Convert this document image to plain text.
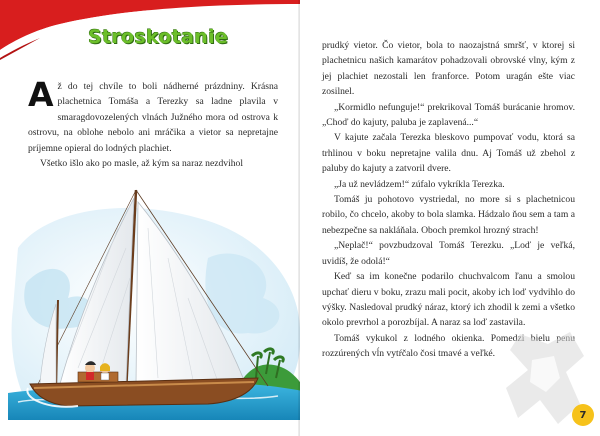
Stroskotanie

Až do tej chvíle to boli nádherné prázdniny. Krásna plachetnica Tomáša a Terezky sa ladne plavila v smaragdovozelených vlnách Južného mora od ostrova k ostrovu, na oblohe nebolo ani mráčika a vietor sa nepretajne príjemne opieral do lodných plachiet.

Všetko išlo ako po masle, až kým sa naraz nezdvihol

prudký vietor. Čo vietor, bola to naozajstná smršť, v ktorej si plachetnicu našich kamarátov pohadzovali obrovské vlny, kým z jej plachiet nezostali len franforce. Potom uragán ešte viac zosilnel.

„Kormidlo nefunguje!“ prekrikoval Tomáš burácanie hromov. „Choď do kajuty, paluba je zaplavená...“

V kajute začala Terezka bleskovo pumpovať vodu, ktorá sa trhlinou v boku nepretajne valila dnu. Aj Tomáš už zbehol z paluby do kajuty a zatvoril dvere.

„Ja už nevládzem!“ zúfalo vykríkla Terezka.

Tomáš ju pohotovo vystriedal, no more si s plachetnicou robilo, čo chcelo, akoby to bola slamka. Hádzalo ňou sem a tam a nebezpečne sa nakláňala. Oboch premkol hrozný strach!

„Neplač!“ povzbudzoval Tomáš Terezku. „Loď je veľká, uvidíš, že odolá!“

Keď sa im konečne podarilo chuchvalcom ľanu a smolou upchať dieru v boku, zrazu mali pocit, akoby ich loď vydvihlo do výšky. Nasledoval prudký náraz, ktorý ich zhodil k zemi a všetko okolo prevrhol a porozbíjal. A naraz sa loď zastavila.

Tomáš vykukol z lodného okienka. Pomedzi bielu penu rozzúrených vĺn vytŕčalo čosi tmavé a veľké.

7
